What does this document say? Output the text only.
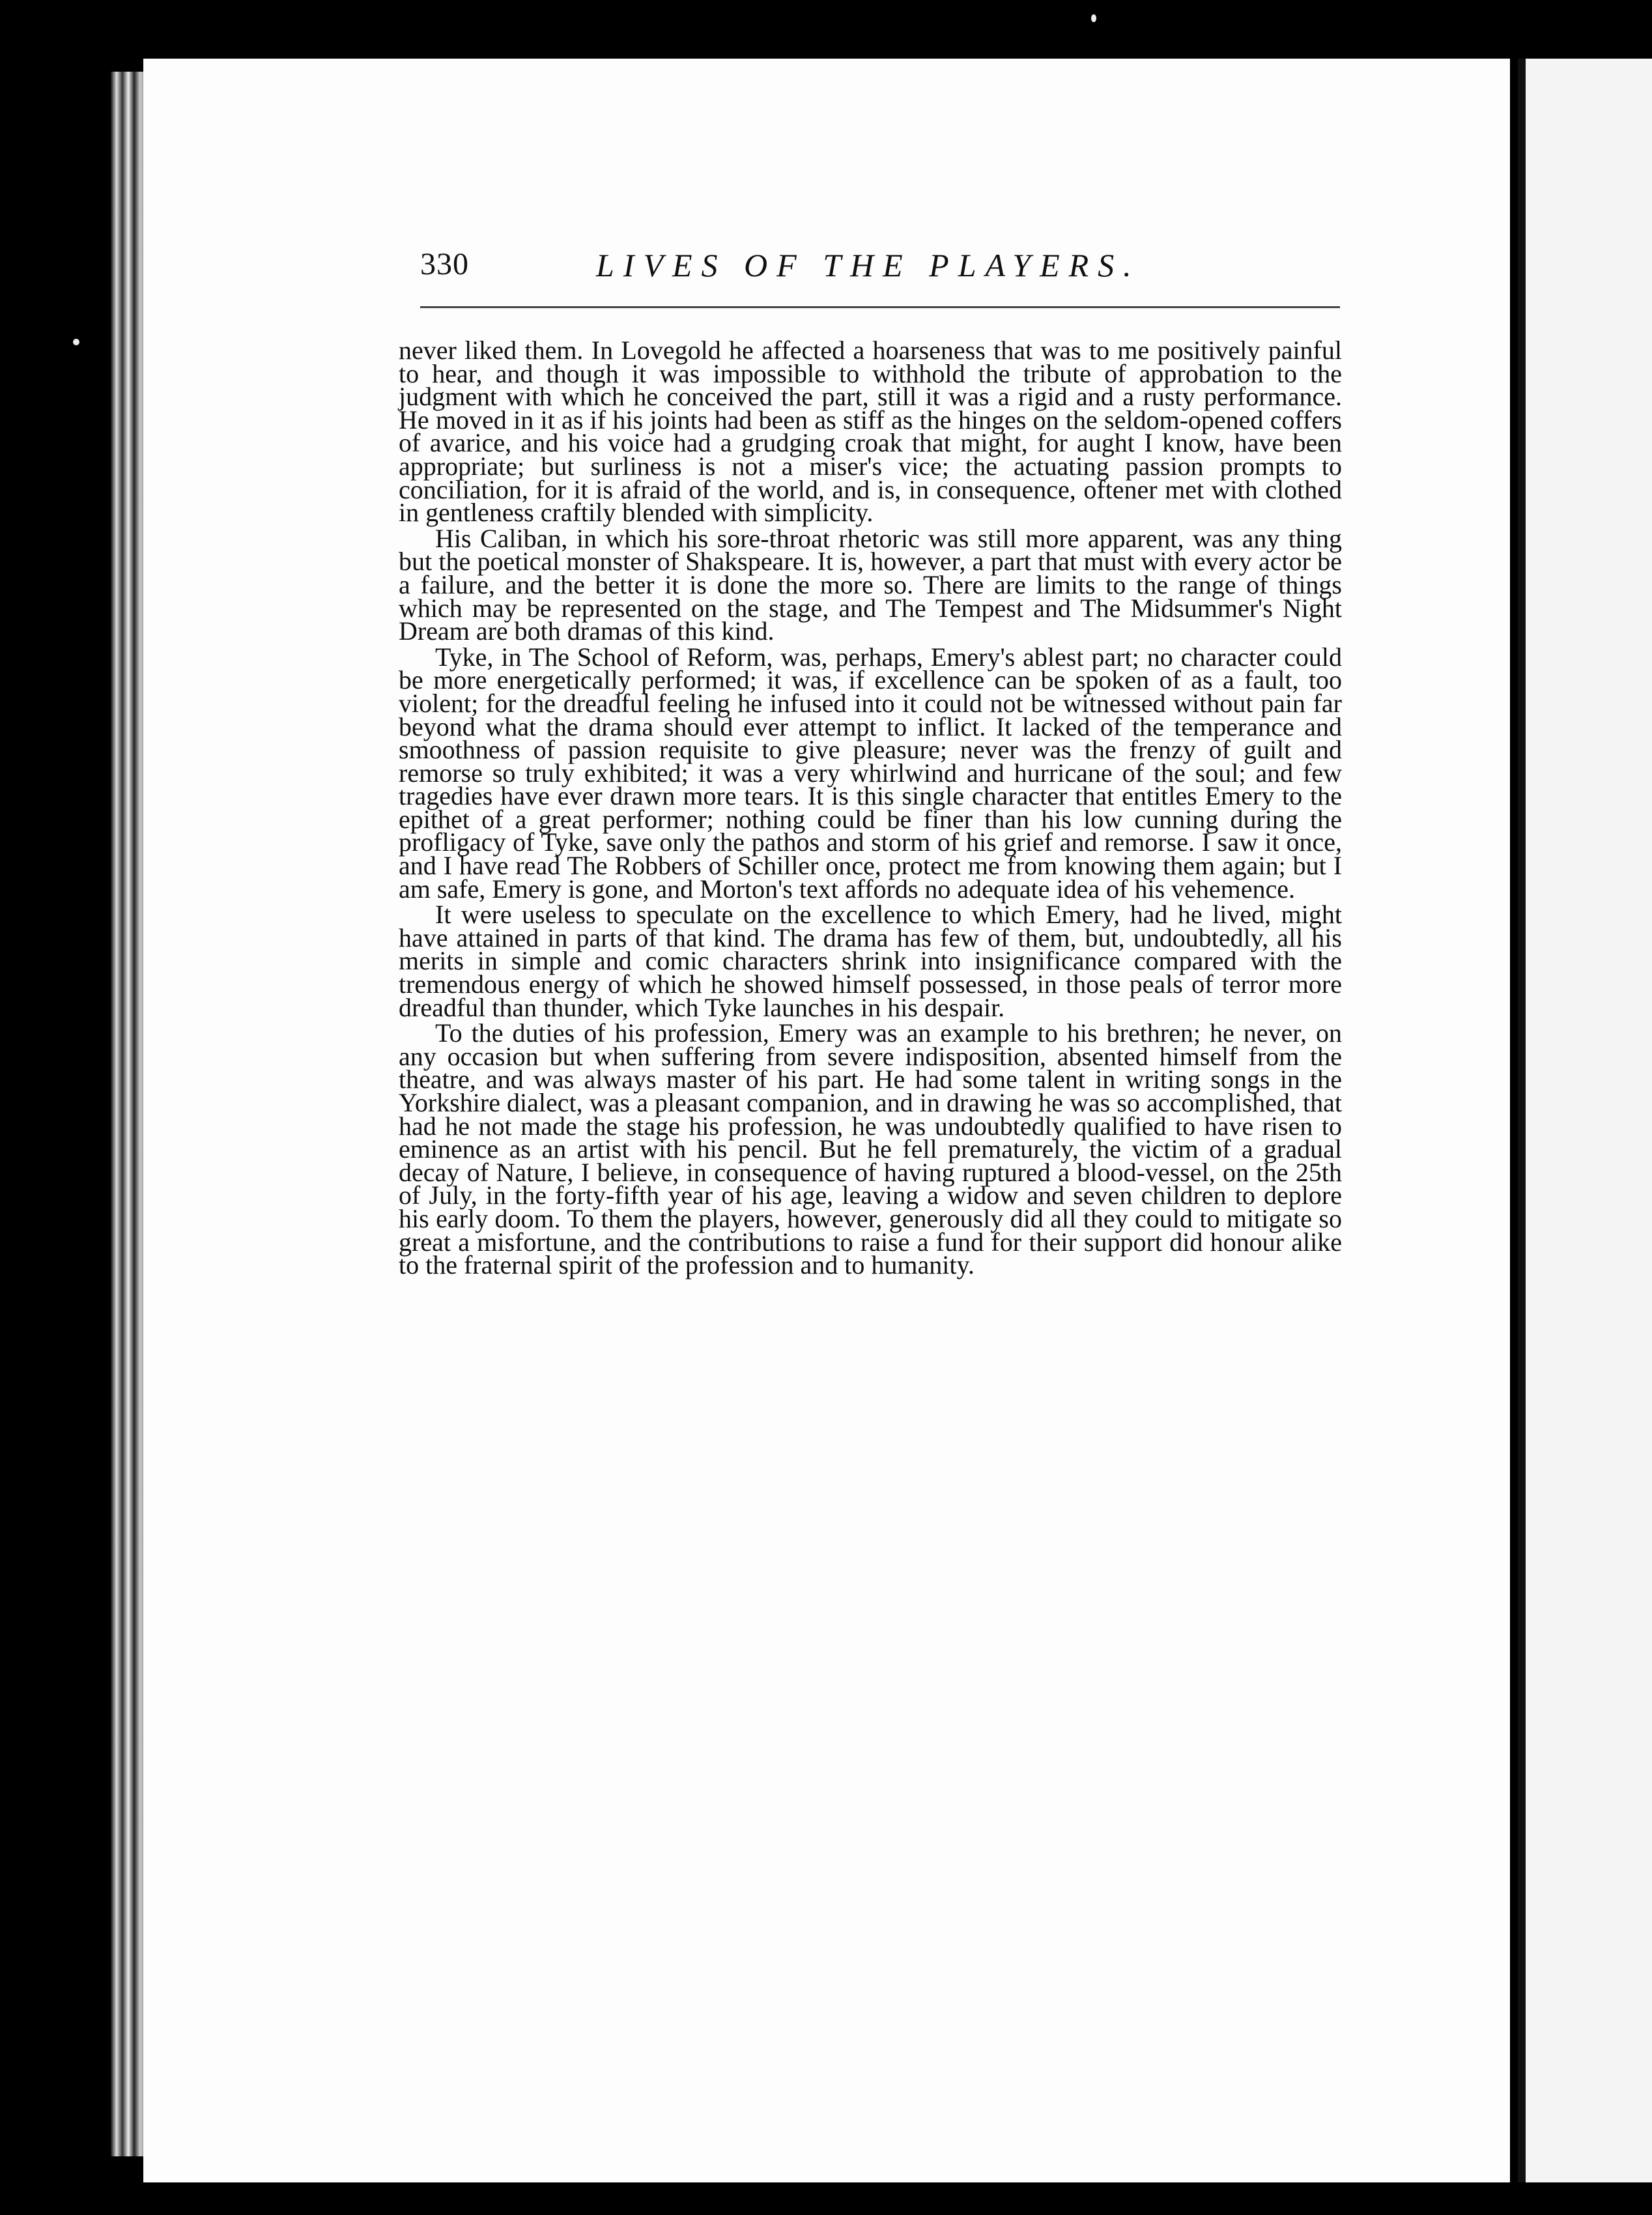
330	LIVES OF THE PLAYERS.

never liked them. In Lovegold he affected a hoarseness that was to me positively painful to hear, and though it was impossible to withhold the tribute of approbation to the judgment with which he conceived the part, still it was a rigid and a rusty performance. He moved in it as if his joints had been as stiff as the hinges on the seldom-opened coffers of avarice, and his voice had a grudging croak that might, for aught I know, have been appropriate; but surliness is not a miser's vice; the actuating passion prompts to conciliation, for it is afraid of the world, and is, in consequence, oftener met with clothed in gentleness craftily blended with simplicity.

His Caliban, in which his sore-throat rhetoric was still more apparent, was any thing but the poetical monster of Shakspeare. It is, however, a part that must with every actor be a failure, and the better it is done the more so. There are limits to the range of things which may be represented on the stage, and The Tempest and The Midsummer's Night Dream are both dramas of this kind.

Tyke, in The School of Reform, was, perhaps, Emery's ablest part; no character could be more energetically performed; it was, if excellence can be spoken of as a fault, too violent; for the dreadful feeling he infused into it could not be witnessed without pain far beyond what the drama should ever attempt to inflict. It lacked of the temperance and smoothness of passion requisite to give pleasure; never was the frenzy of guilt and remorse so truly exhibited; it was a very whirlwind and hurricane of the soul; and few tragedies have ever drawn more tears. It is this single character that entitles Emery to the epithet of a great performer; nothing could be finer than his low cunning during the profligacy of Tyke, save only the pathos and storm of his grief and remorse. I saw it once, and I have read The Robbers of Schiller once, protect me from knowing them again; but I am safe, Emery is gone, and Morton's text affords no adequate idea of his vehemence.

It were useless to speculate on the excellence to which Emery, had he lived, might have attained in parts of that kind. The drama has few of them, but, undoubtedly, all his merits in simple and comic characters shrink into insignificance compared with the tremendous energy of which he showed himself possessed, in those peals of terror more dreadful than thunder, which Tyke launches in his despair.

To the duties of his profession, Emery was an example to his brethren; he never, on any occasion but when suffering from severe indisposition, absented himself from the theatre, and was always master of his part. He had some talent in writing songs in the Yorkshire dialect, was a pleasant companion, and in drawing he was so accomplished, that had he not made the stage his profession, he was undoubtedly qualified to have risen to eminence as an artist with his pencil. But he fell prematurely, the victim of a gradual decay of Nature, I believe, in consequence of having ruptured a blood-vessel, on the 25th of July, in the forty-fifth year of his age, leaving a widow and seven children to deplore his early doom. To them the players, however, generously did all they could to mitigate so great a misfortune, and the contributions to raise a fund for their support did honour alike to the fraternal spirit of the profession and to humanity.
